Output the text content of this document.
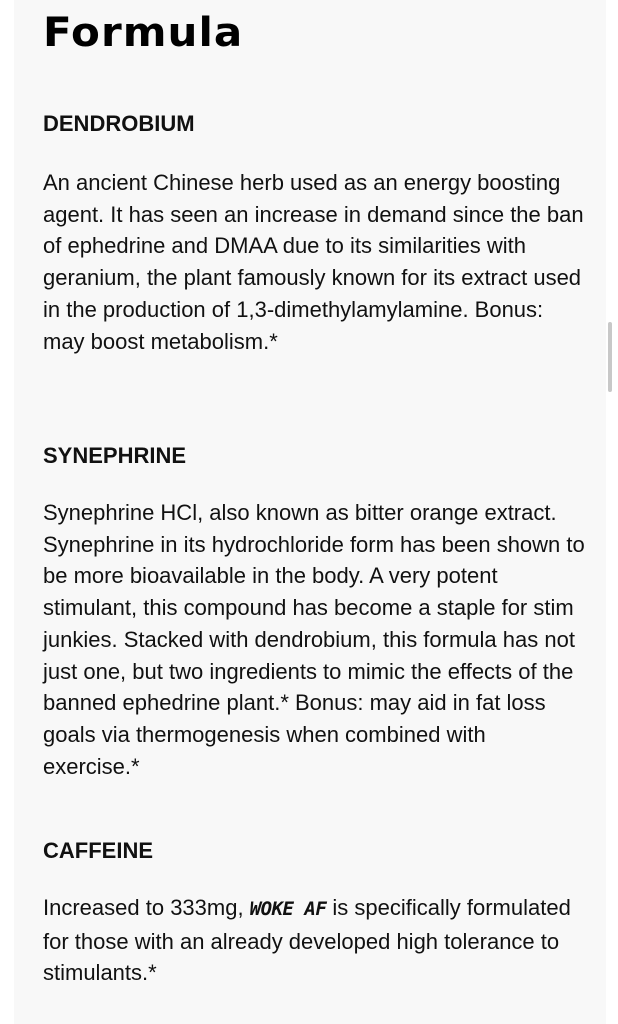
Formula
DENDROBIUM

An ancient Chinese herb used as an energy boosting agent. It has seen an increase in demand since the ban of ephedrine and DMAA due to its similarities with geranium, the plant famously known for its extract used in the production of 1,3-dimethylamylamine. Bonus: may boost metabolism.*

SYNEPHRINE

Synephrine HCl, also known as bitter orange extract. Synephrine in its hydrochloride form has been shown to be more bioavailable in the body. A very potent stimulant, this compound has become a staple for stim junkies. Stacked with dendrobium, this formula has not just one, but two ingredients to mimic the effects of the banned ephedrine plant.* Bonus: may aid in fat loss goals via thermogenesis when combined with exercise.*

CAFFEINE

Increased to 333mg, WOKE AF is specifically formulated for those with an already developed high tolerance to stimulants.*
